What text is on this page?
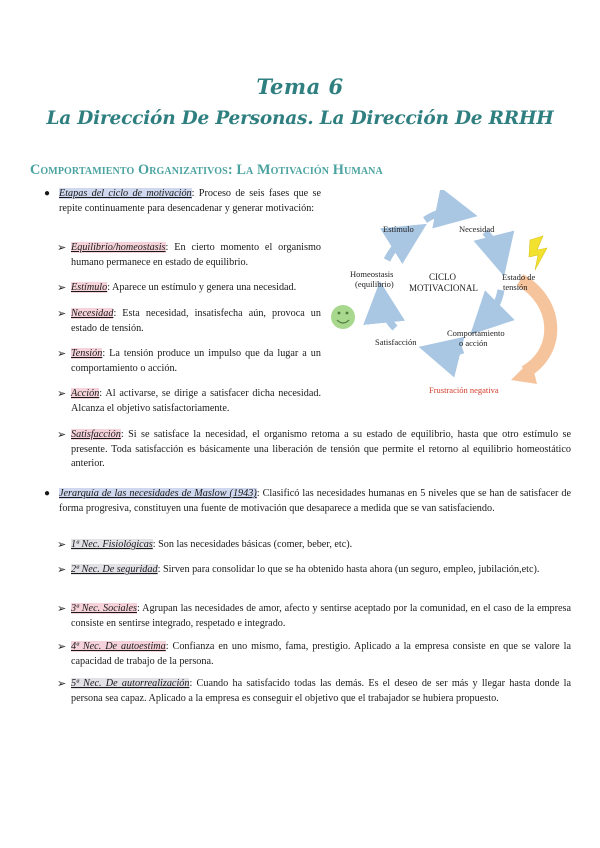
Tema 6
La Dirección De Personas. La Dirección De RRHH
Comportamiento Organizativos: La Motivación Humana
● Etapas del ciclo de motivación: Proceso de seis fases que se repite continuamente para desencadenar y generar motivación:
➢ Equilibrio/homeostasis: En cierto momento el organismo humano permanece en estado de equilibrio.
➢ Estímulo: Aparece un estímulo y genera una necesidad.
➢ Necesidad: Esta necesidad, insatisfecha aún, provoca un estado de tensión.
➢ Tensión: La tensión produce un impulso que da lugar a un comportamiento o acción.
➢ Acción: Al activarse, se dirige a satisfacer dicha necesidad. Alcanza el objetivo satisfactoriamente.
➢ Satisfacción: Si se satisface la necesidad, el organismo retoma a su estado de equilibrio, hasta que otro estímulo se presente. Toda satisfacción es básicamente una liberación de tensión que permite el retorno al equilibrio homeostático anterior.
Estímulo	Necesidad
Estado de
tensión
Comportamiento
o acción
Satisfacción
Homeostasis
(equilibrio)
CICLO
MOTIVACIONAL
Frustración negativa
● Jerarquía de las necesidades de Maslow (1943): Clasificó las necesidades humanas en 5 niveles que se han de satisfacer de forma progresiva, constituyen una fuente de motivación que desaparece a medida que se van satisfaciendo.
➢ 1ª Nec. Fisiológicas: Son las necesidades básicas (comer, beber, etc).
➢ 2ª Nec. De seguridad: Sirven para consolidar lo que se ha obtenido hasta ahora (un seguro, empleo, jubilación,etc).
➢ 3ª Nec. Sociales: Agrupan las necesidades de amor, afecto y sentirse aceptado por la comunidad, en el caso de la empresa consiste en sentirse integrado, respetado e integrado.
➢ 4ª Nec. De autoestima: Confianza en uno mismo, fama, prestigio. Aplicado a la empresa consiste en que se valore la capacidad de trabajo de la persona.
➢ 5ª Nec. De autorrealización: Cuando ha satisfacido todas las demás. Es el deseo de ser más y llegar hasta donde la persona sea capaz. Aplicado a la empresa es conseguir el objetivo que el trabajador se hubiera propuesto.
